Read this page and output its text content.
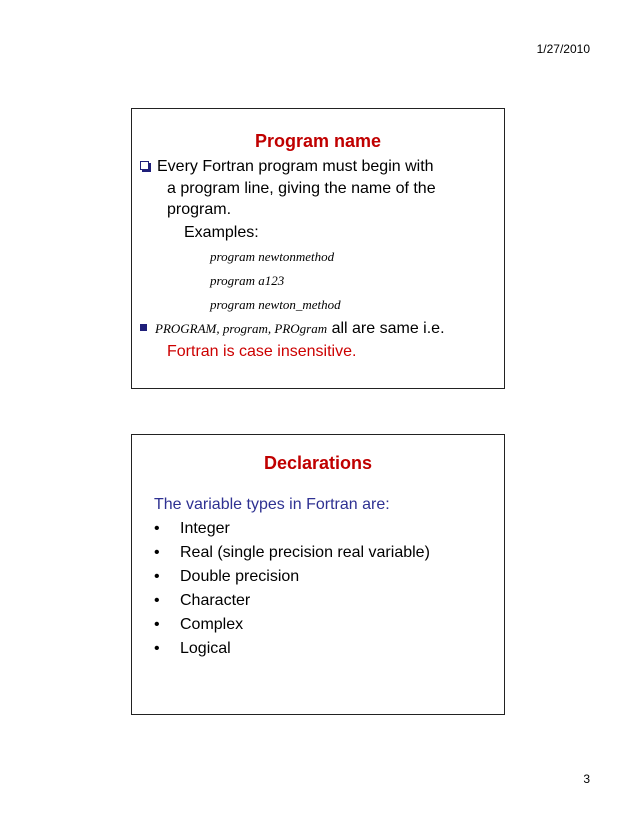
1/27/2010
Program name
Every Fortran program must begin with
a program line, giving the name of the
program.
Examples:
program newtonmethod
program a123
program newton_method
PROGRAM, program, PROgram all are same i.e.
Fortran is case insensitive.
Declarations
The variable types in Fortran are:
• Integer
• Real (single precision real variable)
• Double precision
• Character
• Complex
• Logical
3
